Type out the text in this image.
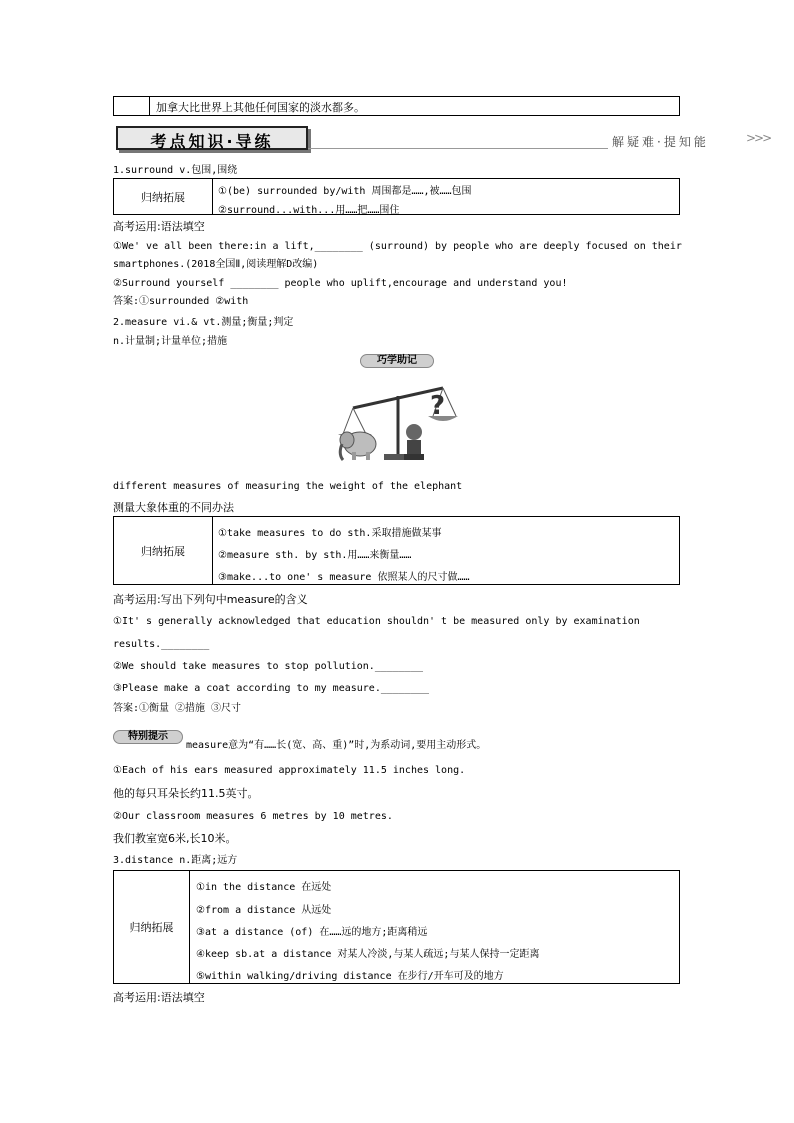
加拿大比世界上其他任何国家的淡水都多。
考点知识·导练	解疑难·提知能	>>>
1.surround v.包围,围绕
归纳拓展	①(be) surrounded by/with 周围都是……,被……包围
②surround...with...用……把……围住
高考运用:语法填空
①We' ve all been there:in a lift,________ (surround) by people who are deeply focused on their
smartphones.(2018全国Ⅱ,阅读理解D改编)
②Surround yourself ________ people who uplift,encourage and understand you!
答案:①surrounded ②with
2.measure vi.& vt.测量;衡量;判定
n.计量制;计量单位;措施
巧学助记
?
different measures of measuring the weight of the elephant
测量大象体重的不同办法
归纳拓展
①take measures to do sth.采取措施做某事
②measure sth. by sth.用……来衡量……
③make...to one' s measure 依照某人的尺寸做……
高考运用:写出下列句中measure的含义
①It' s generally acknowledged that education shouldn' t be measured only by examination
results.________
②We should take measures to stop pollution.________
③Please make a coat according to my measure.________
答案:①衡量 ②措施 ③尺寸
特别提示
measure意为“有……长(宽、高、重)”时,为系动词,要用主动形式。
①Each of his ears measured approximately 11.5 inches long.
他的每只耳朵长约11.5英寸。
②Our classroom measures 6 metres by 10 metres.
我们教室宽6米,长10米。
3.distance n.距离;远方
归纳拓展
①in the distance 在远处
②from a distance 从远处
③at a distance (of) 在……远的地方;距离稍远
④keep sb.at a distance 对某人冷淡,与某人疏远;与某人保持一定距离
⑤within walking/driving distance 在步行/开车可及的地方
高考运用:语法填空
